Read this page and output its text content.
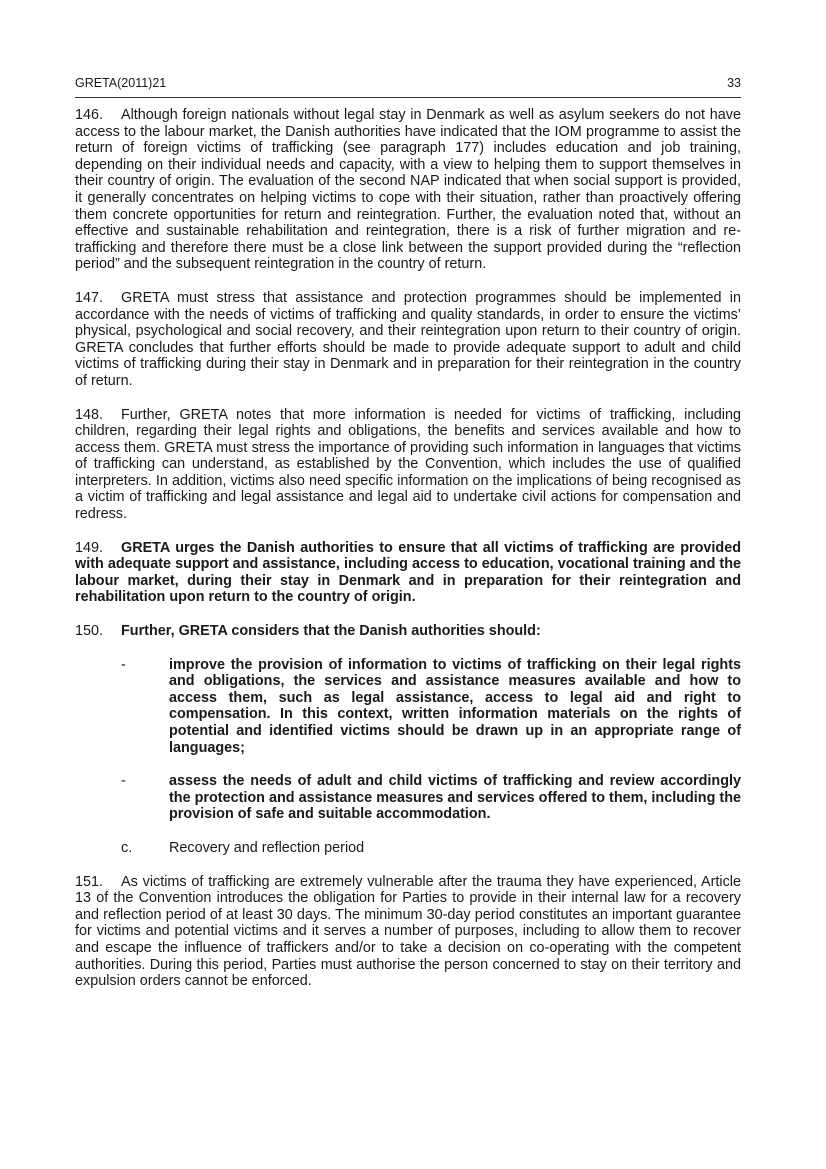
GRETA(2011)21	33

146. Although foreign nationals without legal stay in Denmark as well as asylum seekers do not have access to the labour market, the Danish authorities have indicated that the IOM programme to assist the return of foreign victims of trafficking (see paragraph 177) includes education and job training, depending on their individual needs and capacity, with a view to helping them to support themselves in their country of origin. The evaluation of the second NAP indicated that when social support is provided, it generally concentrates on helping victims to cope with their situation, rather than proactively offering them concrete opportunities for return and reintegration. Further, the evaluation noted that, without an effective and sustainable rehabilitation and reintegration, there is a risk of further migration and re-trafficking and therefore there must be a close link between the support provided during the “reflection period” and the subsequent reintegration in the country of return.

147. GRETA must stress that assistance and protection programmes should be implemented in accordance with the needs of victims of trafficking and quality standards, in order to ensure the victims’ physical, psychological and social recovery, and their reintegration upon return to their country of origin. GRETA concludes that further efforts should be made to provide adequate support to adult and child victims of trafficking during their stay in Denmark and in preparation for their reintegration in the country of return.

148. Further, GRETA notes that more information is needed for victims of trafficking, including children, regarding their legal rights and obligations, the benefits and services available and how to access them. GRETA must stress the importance of providing such information in languages that victims of trafficking can understand, as established by the Convention, which includes the use of qualified interpreters. In addition, victims also need specific information on the implications of being recognised as a victim of trafficking and legal assistance and legal aid to undertake civil actions for compensation and redress.

149. GRETA urges the Danish authorities to ensure that all victims of trafficking are provided with adequate support and assistance, including access to education, vocational training and the labour market, during their stay in Denmark and in preparation for their reintegration and rehabilitation upon return to the country of origin.

150.	Further, GRETA considers that the Danish authorities should:
-	improve the provision of information to victims of trafficking on their legal rights and obligations, the services and assistance measures available and how to access them, such as legal assistance, access to legal aid and right to compensation. In this context, written information materials on the rights of potential and identified victims should be drawn up in an appropriate range of languages;
-	assess the needs of adult and child victims of trafficking and review accordingly the protection and assistance measures and services offered to them, including the provision of safe and suitable accommodation.
c.	Recovery and reflection period

151. As victims of trafficking are extremely vulnerable after the trauma they have experienced, Article 13 of the Convention introduces the obligation for Parties to provide in their internal law for a recovery and reflection period of at least 30 days. The minimum 30-day period constitutes an important guarantee for victims and potential victims and it serves a number of purposes, including to allow them to recover and escape the influence of traffickers and/or to take a decision on co-operating with the competent authorities. During this period, Parties must authorise the person concerned to stay on their territory and expulsion orders cannot be enforced.
